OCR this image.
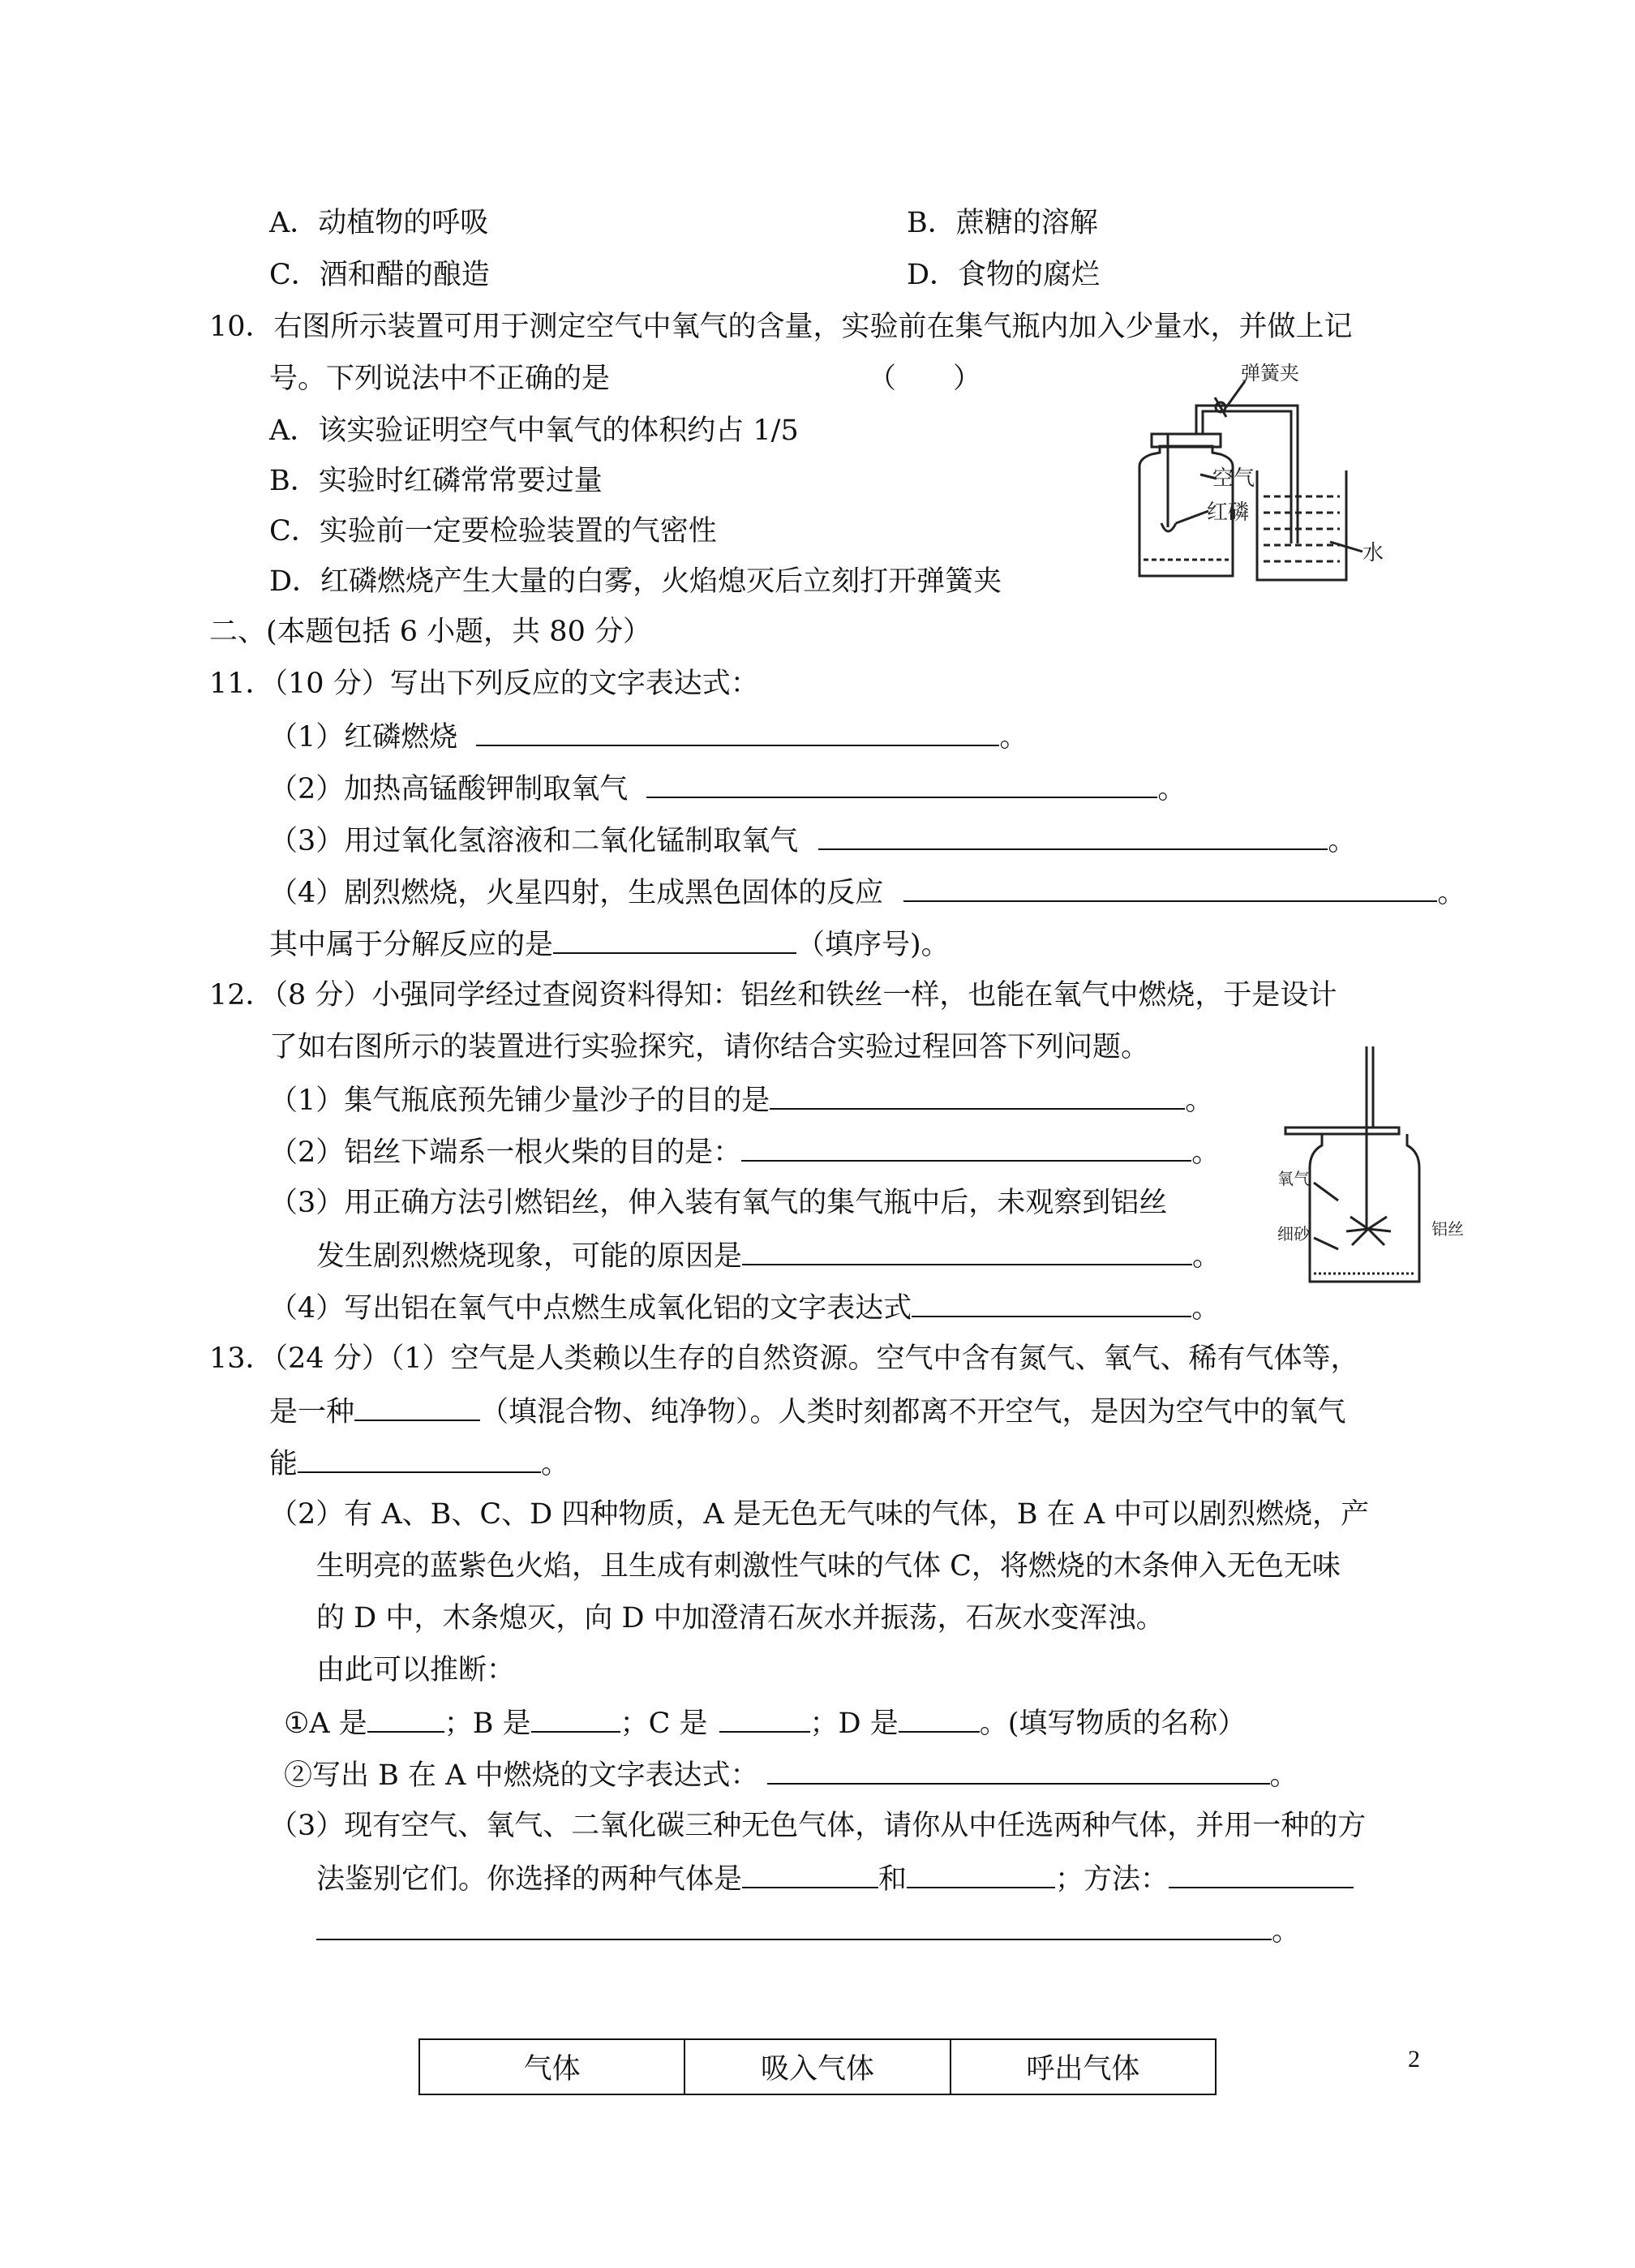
A．动植物的呼吸	B．蔗糖的溶解
C．酒和醋的酿造	D．食物的腐烂
10．右图所示装置可用于测定空气中氧气的含量，实验前在集气瓶内加入少量水，并做上记
号。下列说法中不正确的是	（　　）
A．该实验证明空气中氧气的体积约占 1/5
B．实验时红磷常常要过量
C．实验前一定要检验装置的气密性
D．红磷燃烧产生大量的白雾，火焰熄灭后立刻打开弹簧夹
弹簧夹
空气
红磷
水
二、(本题包括 6 小题，共 80 分）
11．（10 分）写出下列反应的文字表达式：
（1）红磷燃烧	。
（2）加热高锰酸钾制取氧气	。
（3）用过氧化氢溶液和二氧化锰制取氧气	。
（4）剧烈燃烧，火星四射，生成黑色固体的反应	。
其中属于分解反应的是	（填序号)。
12．（8 分）小强同学经过查阅资料得知：铝丝和铁丝一样，也能在氧气中燃烧，于是设计
了如右图所示的装置进行实验探究，请你结合实验过程回答下列问题。
（1）集气瓶底预先铺少量沙子的目的是	。
（2）铝丝下端系一根火柴的目的是：	。
（3）用正确方法引燃铝丝，伸入装有氧气的集气瓶中后，未观察到铝丝
发生剧烈燃烧现象，可能的原因是	。
（4）写出铝在氧气中点燃生成氧化铝的文字表达式	。
氧气
细砂	铝丝
13．（24 分）（1）空气是人类赖以生存的自然资源。空气中含有氮气、氧气、稀有气体等，
是一种	（填混合物、纯净物）。人类时刻都离不开空气，是因为空气中的氧气
能	。
（2）有 A、B、C、D 四种物质，A 是无色无气味的气体，B 在 A 中可以剧烈燃烧，产
生明亮的蓝紫色火焰，且生成有刺激性气味的气体 C，将燃烧的木条伸入无色无味
的 D 中，木条熄灭，向 D 中加澄清石灰水并振荡，石灰水变浑浊。
由此可以推断：
①A 是	；B 是	；C 是	；D 是	。(填写物质的名称）
②写出 B 在 A 中燃烧的文字表达式：	。
（3）现有空气、氧气、二氧化碳三种无色气体，请你从中任选两种气体，并用一种的方
法鉴别它们。你选择的两种气体是	和	；方法：
。
气体	吸入气体	呼出气体	2
